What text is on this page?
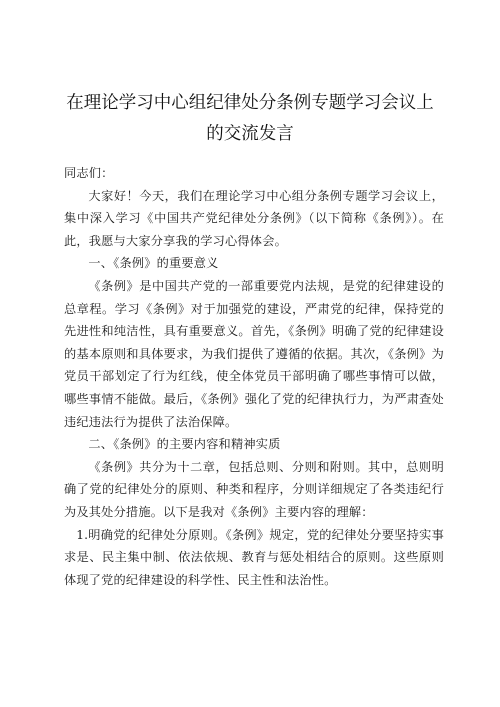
在理论学习中心组纪律处分条例专题学习会议上的交流发言

同志们：

大家好！今天，我们在理论学习中心组分条例专题学习会议上，集中深入学习《中国共产党纪律处分条例》（以下简称《条例》）。在此，我愿与大家分享我的学习心得体会。

一、《条例》的重要意义

《条例》是中国共产党的一部重要党内法规，是党的纪律建设的总章程。学习《条例》对于加强党的建设，严肃党的纪律，保持党的先进性和纯洁性，具有重要意义。首先，《条例》明确了党的纪律建设的基本原则和具体要求，为我们提供了遵循的依据。其次，《条例》为党员干部划定了行为红线，使全体党员干部明确了哪些事情可以做，哪些事情不能做。最后，《条例》强化了党的纪律执行力，为严肃查处违纪违法行为提供了法治保障。

二、《条例》的主要内容和精神实质

《条例》共分为十二章，包括总则、分则和附则。其中，总则明确了党的纪律处分的原则、种类和程序，分则详细规定了各类违纪行为及其处分措施。以下是我对《条例》主要内容的理解：

1.明确党的纪律处分原则。《条例》规定，党的纪律处分要坚持实事求是、民主集中制、依法依规、教育与惩处相结合的原则。这些原则体现了党的纪律建设的科学性、民主性和法治性。
